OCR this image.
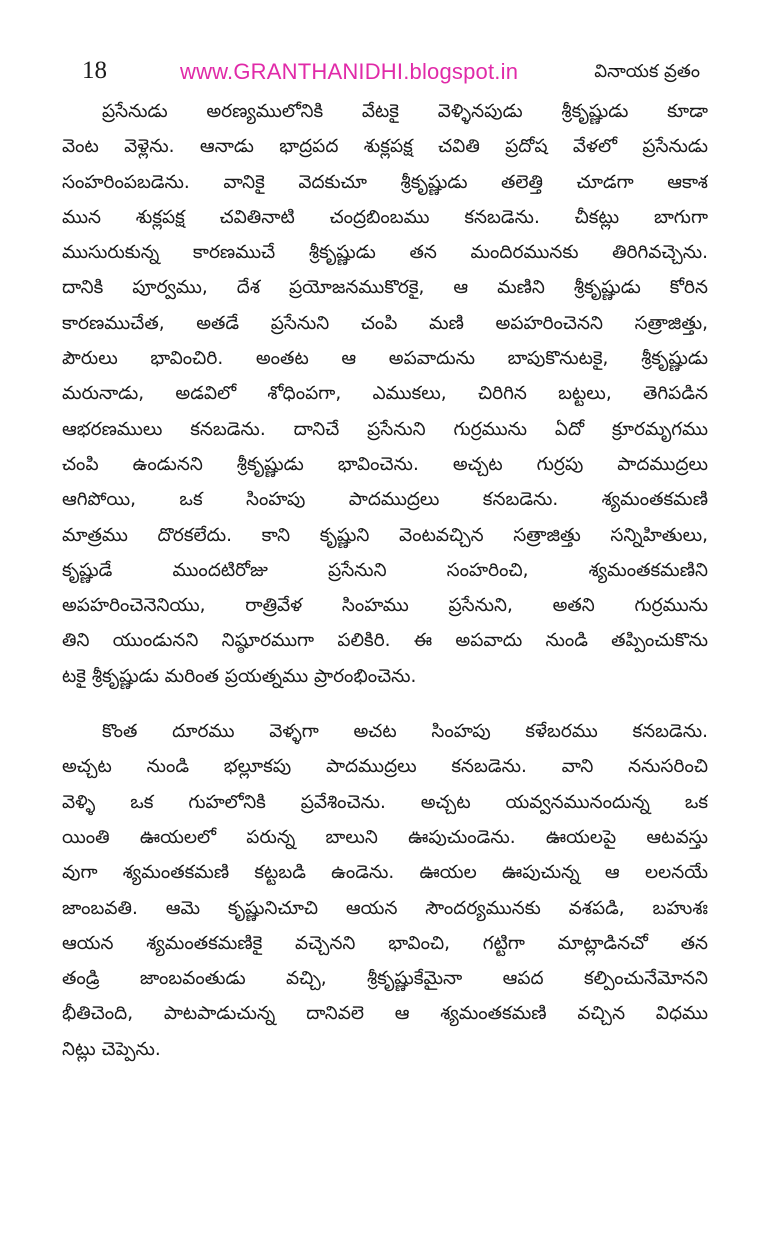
18	www.GRANTHANIDHI.blogspot.in	వినాయక వ్రతం

ప్రసేనుడు అరణ్యములోనికి వేటకై వెళ్ళినపుడు శ్రీకృష్ణుడు కూడా
వెంట వెళ్లెను. ఆనాడు భాద్రపద శుక్లపక్ష చవితి ప్రదోష వేళలో ప్రసేనుడు
సంహరింపబడెను. వానికై వెదకుచూ శ్రీకృష్ణుడు తలెత్తి చూడగా ఆకాశ
మున శుక్లపక్ష చవితినాటి చంద్రబింబము కనబడెను. చీకట్లు బాగుగా
ముసురుకున్న కారణముచే శ్రీకృష్ణుడు తన మందిరమునకు తిరిగివచ్చెను.
దానికి పూర్వము, దేశ ప్రయోజనముకొరకై, ఆ మణిని శ్రీకృష్ణుడు కోరిన
కారణముచేత, అతడే ప్రసేనుని చంపి మణి అపహరించెనని సత్రాజిత్తు,
పౌరులు భావించిరి. అంతట ఆ అపవాదును బాపుకొనుటకై, శ్రీకృష్ణుడు
మరునాడు, అడవిలో శోధింపగా, ఎముకలు, చిరిగిన బట్టలు, తెగిపడిన
ఆభరణములు కనబడెను. దానిచే ప్రసేనుని గుర్రమును ఏదో క్రూరమృగము
చంపి ఉండునని శ్రీకృష్ణుడు భావించెను. అచ్చట గుర్రపు పాదముద్రలు
ఆగిపోయి, ఒక సింహపు పాదముద్రలు కనబడెను. శ్యమంతకమణి
మాత్రము దొరకలేదు. కాని కృష్ణుని వెంటవచ్చిన సత్రాజిత్తు సన్నిహితులు,
కృష్ణుడే ముందటిరోజు ప్రసేనుని సంహరించి, శ్యమంతకమణిని
అపహరించెనెనియు, రాత్రివేళ సింహము ప్రసేనుని, అతని గుర్రమును
తిని యుండునని నిష్ఠూరముగా పలికిరి. ఈ అపవాదు నుండి తప్పించుకొను
టకై శ్రీకృష్ణుడు మరింత ప్రయత్నము ప్రారంభించెను.

కొంత దూరము వెళ్ళగా అచట సింహపు కళేబరము కనబడెను.
అచ్చట నుండి భల్లూకపు పాదముద్రలు కనబడెను. వాని ననుసరించి
వెళ్ళి ఒక గుహలోనికి ప్రవేశించెను. అచ్చట యవ్వనమునందున్న ఒక
యింతి ఊయలలో పరున్న బాలుని ఊపుచుండెను. ఊయలపై ఆటవస్తు
వుగా శ్యమంతకమణి కట్టబడి ఉండెను. ఊయల ఊపుచున్న ఆ లలనయే
జాంబవతి. ఆమె కృష్ణునిచూచి ఆయన సౌందర్యమునకు వశపడి, బహుశః
ఆయన శ్యమంతకమణికై వచ్చెనని భావించి, గట్టిగా మాట్లాడినచో తన
తండ్రి జాంబవంతుడు వచ్చి, శ్రీకృష్ణుకేమైనా ఆపద కల్పించునేమోనని
భీతిచెంది, పాటపాడుచున్న దానివలె ఆ శ్యమంతకమణి వచ్చిన విధము
నిట్లు చెప్పెను.
